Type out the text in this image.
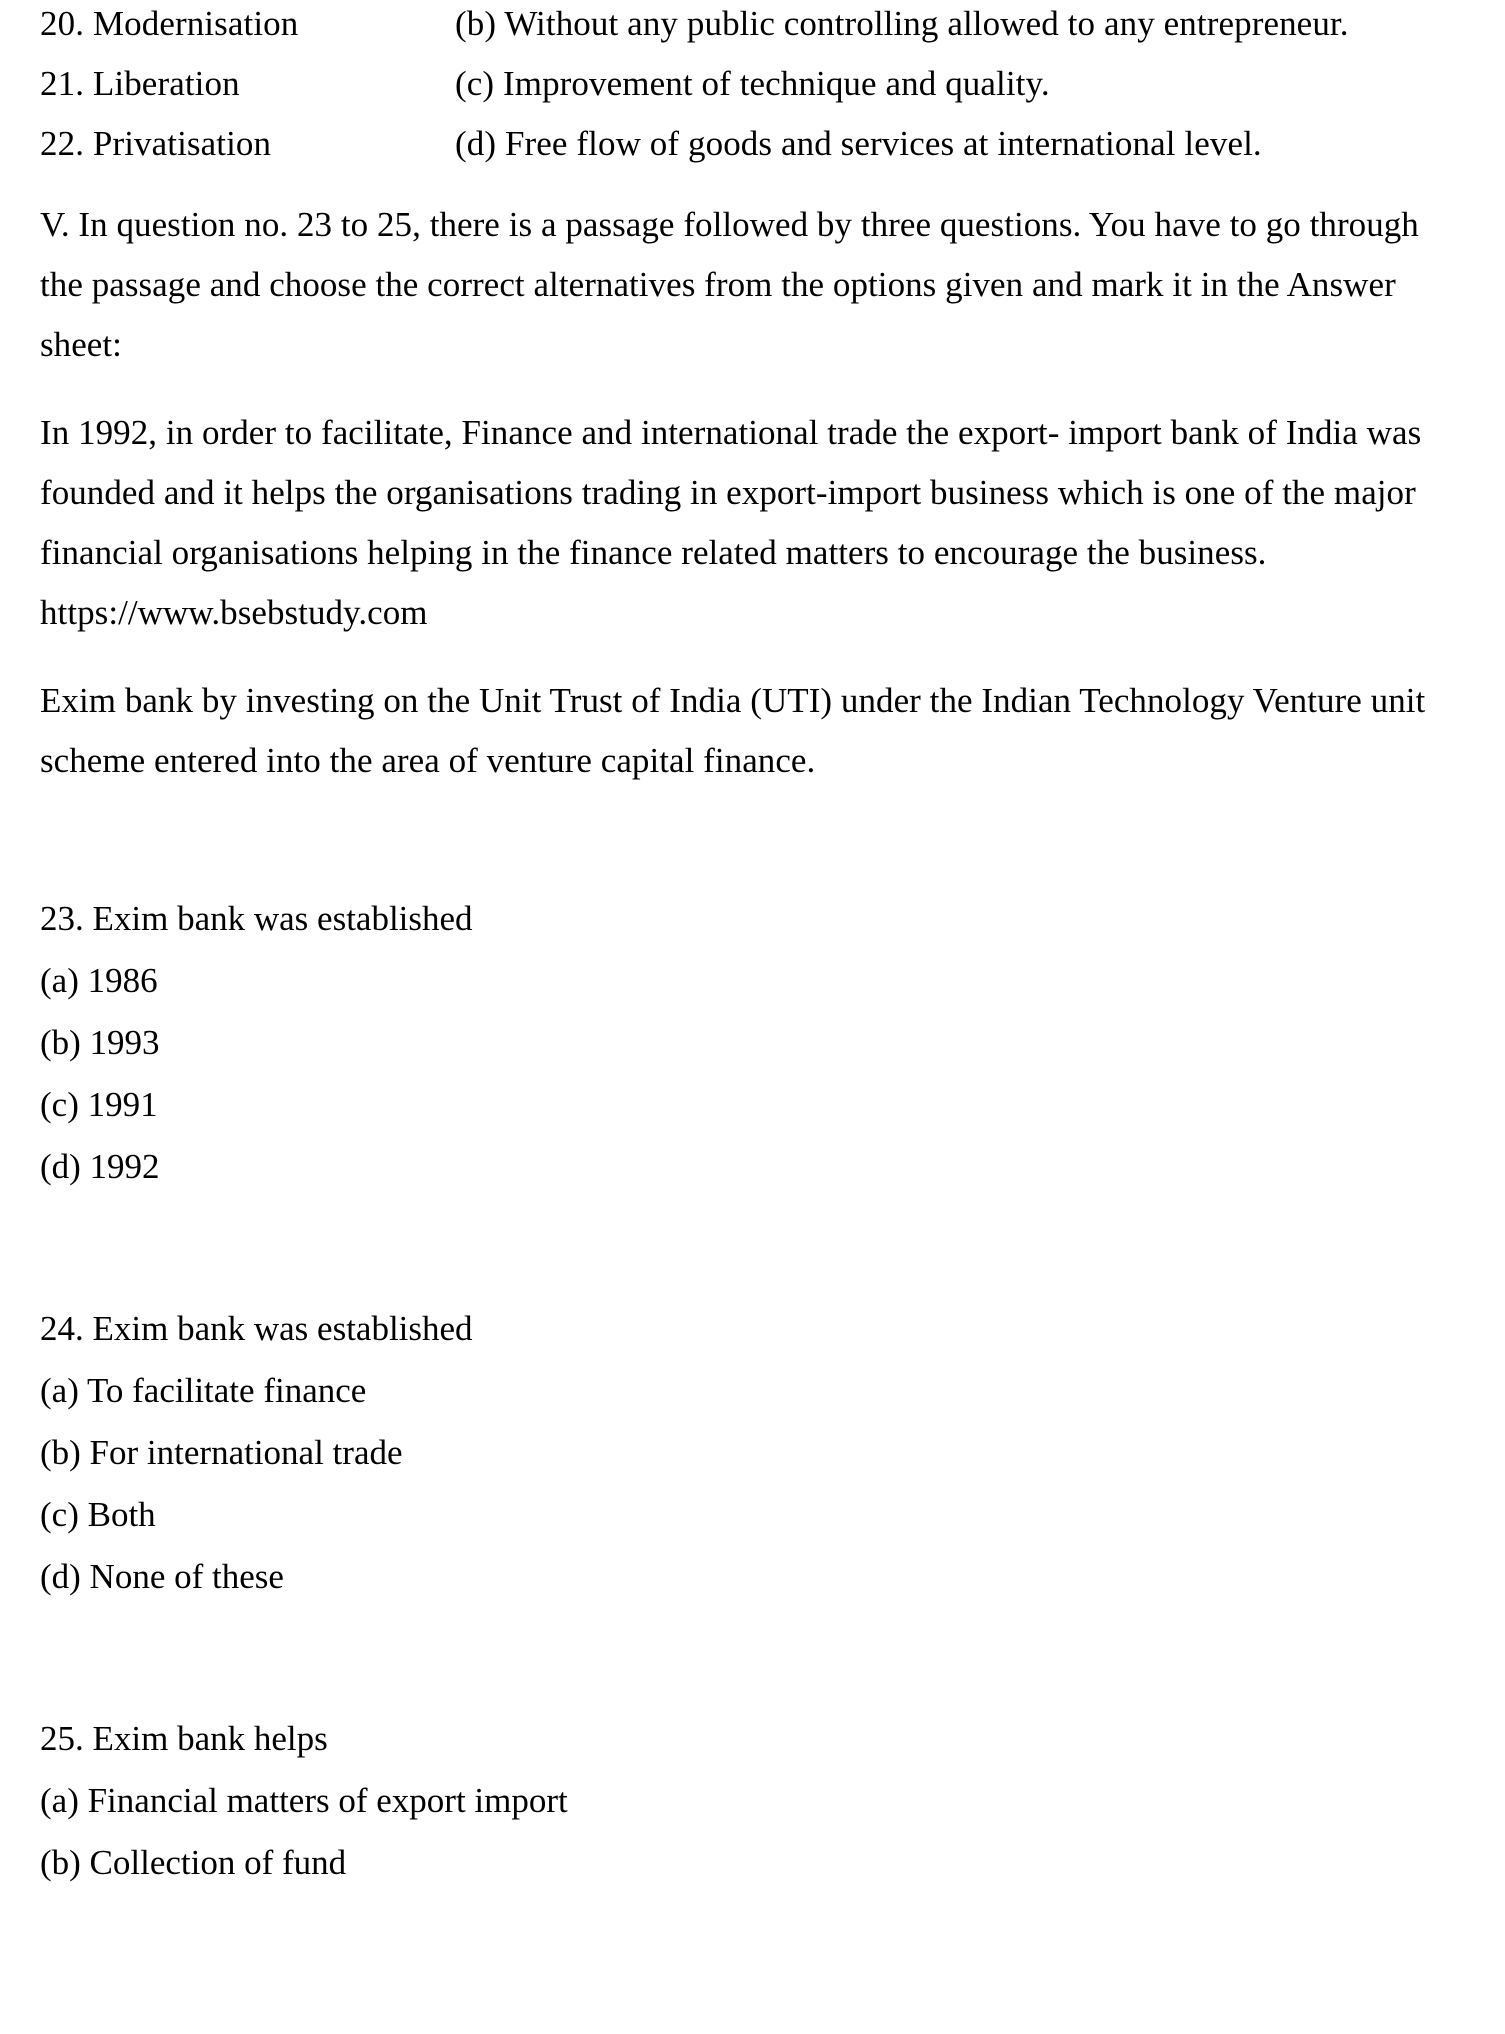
20. Modernisation	(b) Without any public controlling allowed to any entrepreneur.
21. Liberation	(c) Improvement of technique and quality.
22. Privatisation	(d) Free flow of goods and services at international level.

V. In question no. 23 to 25, there is a passage followed by three questions. You have to go through the passage and choose the correct alternatives from the options given and mark it in the Answer sheet:

In 1992, in order to facilitate, Finance and international trade the export- import bank of India was founded and it helps the organisations trading in export-import business which is one of the major financial organisations helping in the finance related matters to encourage the business. https://www.bsebstudy.com

Exim bank by investing on the Unit Trust of India (UTI) under the Indian Technology Venture unit scheme entered into the area of venture capital finance.

23. Exim bank was established

(a) 1986

(b) 1993

(c) 1991

(d) 1992

24. Exim bank was established

(a) To facilitate finance

(b) For international trade

(c) Both

(d) None of these

25. Exim bank helps

(a) Financial matters of export import

(b) Collection of fund
